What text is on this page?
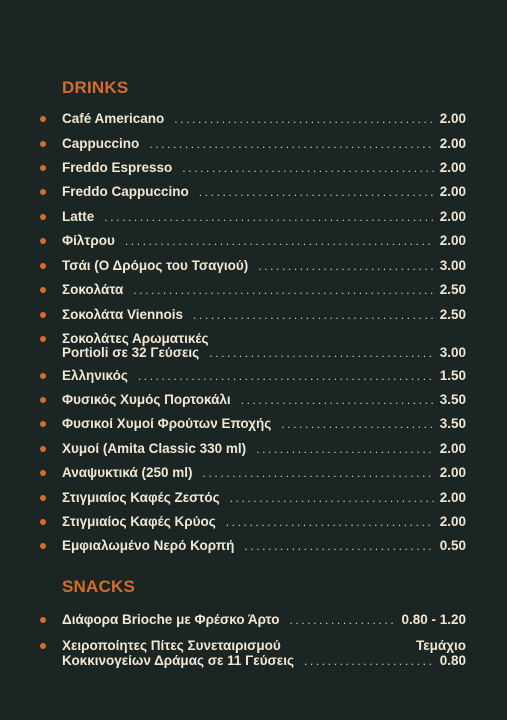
DRINKS
Café Americano .....	2.00
Cappuccino .....	2.00
Freddo Espresso .....	2.00
Freddo Cappuccino .....	2.00
Latte .....	2.00
Φίλτρου .....	2.00
Τσάι (Ο Δρόμος του Τσαγιού) .....	3.00
Σοκολάτα .....	2.50
Σοκολάτα Viennois .....	2.50
Σοκολάτες Αρωματικές
Portioli σε 32 Γεύσεις .....	3.00
Ελληνικός .....	1.50
Φυσικός Χυμός Πορτοκάλι .....	3.50
Φυσικοί Χυμοί Φρούτων Εποχής .....	3.50
Χυμοί (Amita Classic 330 ml) .....	2.00
Αναψυκτικά (250 ml) .....	2.00
Στιγμιαίος Καφές Ζεστός .....	2.00
Στιγμιαίος Καφές Κρύος .....	2.00
Εμφιαλωμένο Νερό Κορπή .....	0.50
SNACKS
Διάφορα Brioche με Φρέσκο Άρτο .....	0.80 - 1.20
Χειροποίητες Πίτες Συνεταιρισμού	Τεμάχιο
Κοκκινογείων Δράμας σε 11 Γεύσεις .....	0.80
